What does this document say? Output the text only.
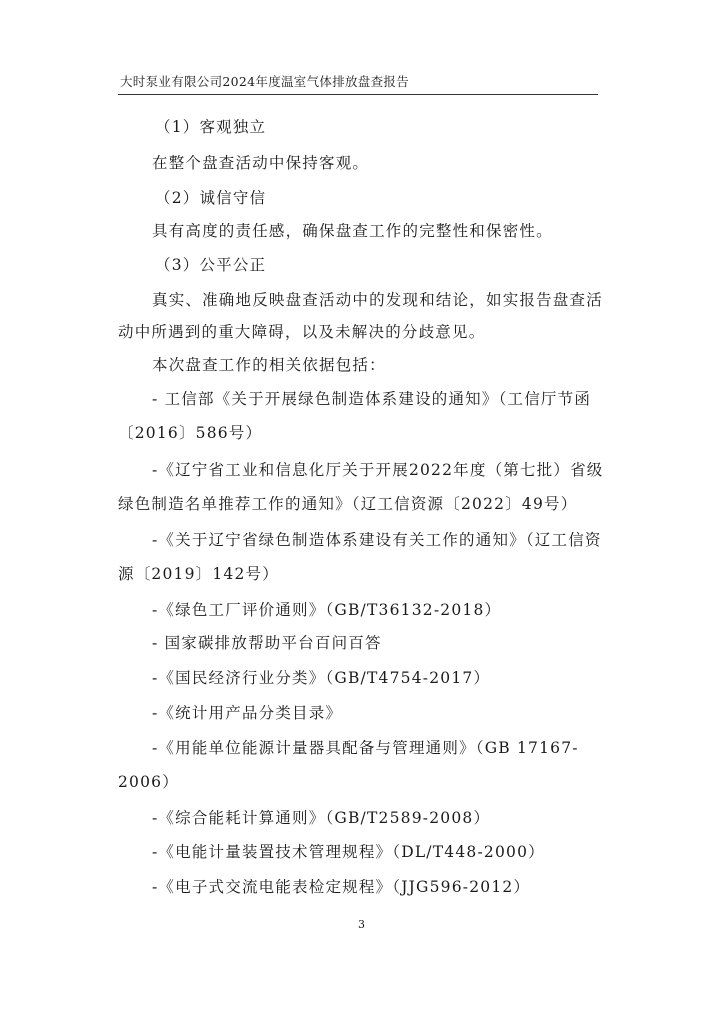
大时泵业有限公司2024年度温室气体排放盘查报告
（1）客观独立
在整个盘查活动中保持客观。
（2）诚信守信
具有高度的责任感，确保盘查工作的完整性和保密性。
（3）公平公正
真实、准确地反映盘查活动中的发现和结论，如实报告盘查活
动中所遇到的重大障碍，以及未解决的分歧意见。
本次盘查工作的相关依据包括：
- 工信部《关于开展绿色制造体系建设的通知》（工信厅节函
〔2016〕586号）
-《辽宁省工业和信息化厅关于开展2022年度（第七批）省级
绿色制造名单推荐工作的通知》（辽工信资源〔2022〕49号）
-《关于辽宁省绿色制造体系建设有关工作的通知》（辽工信资
源〔2019〕142号）
-《绿色工厂评价通则》（GB/T36132-2018）
- 国家碳排放帮助平台百问百答
-《国民经济行业分类》（GB/T4754-2017）
-《统计用产品分类目录》
-《用能单位能源计量器具配备与管理通则》（GB 17167-
2006）
-《综合能耗计算通则》（GB/T2589-2008）
-《电能计量装置技术管理规程》（DL/T448-2000）
-《电子式交流电能表检定规程》（JJG596-2012）
3
